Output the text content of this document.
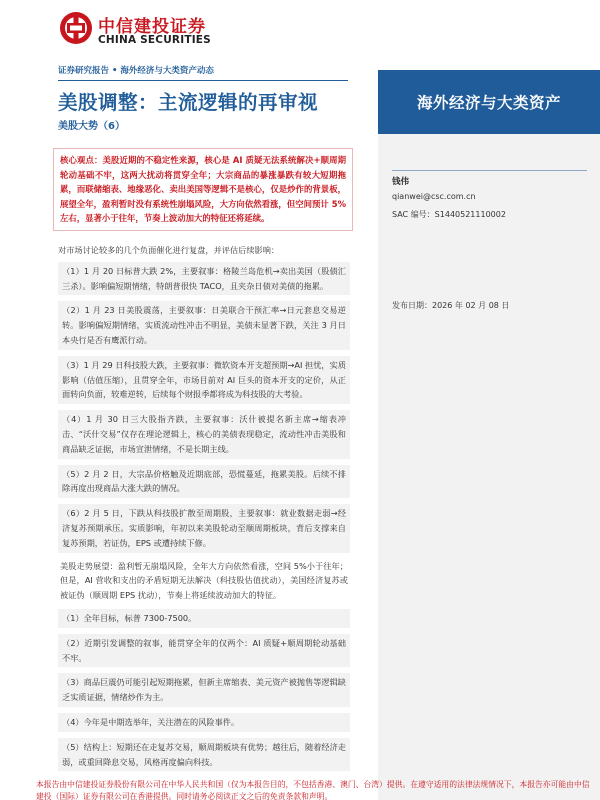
中信建投证券
CHINA SECURITIES
证券研究报告 • 海外经济与大类资产动态
美股调整：主流逻辑的再审视
美股大势（6）
海外经济与大类资产
核心观点：美股近期的不稳定性来源，核心是 AI 质疑无法系统解决+顺周期轮动基础不牢，这两大扰动将贯穿全年；大宗商品的暴涨暴跌有较大短期拖累，而联储缩表、地缘恶化、卖出美国等逻辑不是核心，仅是炒作的背景板，展望全年，盈利暂时没有系统性崩塌风险，大方向依然看涨，但空间预计 5%左右，显著小于往年，节奏上波动加大的特征还将延续。

对市场讨论较多的几个负面催化进行复盘，并评估后续影响：

（1）1 月 20 日标普大跌 2%，主要叙事：格陵兰岛危机→卖出美国（股债汇三杀）。影响偏短期情绪，特朗普很快 TACO，且夹杂日债对美债的拖累。
（2）1 月 23 日美股震荡，主要叙事：日美联合干预汇率→日元套息交易逆转。影响偏短期情绪，实质流动性冲击不明显，美债未显著下跌，关注 3 月日本央行是否有鹰派行动。
（3）1 月 29 日科技股大跌，主要叙事：微软资本开支超预期→AI 担忧，实质影响（估值压缩），且贯穿全年，市场目前对 AI 巨头的资本开支的定价，从正面转向负面，较难逆转，后续每个财报季都将成为科技股的大考验。
（4）1 月 30 日三大股指齐跌，主要叙事：沃什被提名新主席→缩表冲击、“沃什交易”仅存在理论逻辑上，核心的美债表现稳定，流动性冲击美股和商品缺乏证据，市场宣泄情绪，不是长期主线。
（5）2 月 2 日，大宗品价格触及近期底部，恐慌蔓延，拖累美股。后续不排除再度出现商品大涨大跌的情况。
（6）2 月 5 日，下跌从科技股扩散至周期股，主要叙事：就业数据走弱→经济复苏预期承压。实质影响，年初以来美股轮动至顺周期板块，背后支撑来自复苏预期，若证伪，EPS 或遭持续下修。

美股走势展望：盈利暂无崩塌风险，全年大方向依然看涨，空间 5%小于往年；但是，AI 营收和支出的矛盾短期无法解决（科技股估值扰动），美国经济复苏或被证伪（顺周期 EPS 扰动），节奏上将延续波动加大的特征。

（1）全年目标，标普 7300-7500。
（2）近期引发调整的叙事，能贯穿全年的仅两个：AI 质疑+顺周期轮动基础不牢。
（3）商品巨震仍可能引起短期拖累，但新主席缩表、美元资产被抛售等逻辑缺乏实质证据，情绪炒作为主。
（4）今年是中期选举年，关注潜在的风险事件。
（5）结构上：短期还在走复苏交易，顺周期板块有优势；越往后，随着经济走弱，或重回降息交易，风格再度偏向科技。
钱伟
qianwei@csc.com.cn
SAC 编号：S1440521110002
发布日期：2026 年 02 月 08 日
本报告由中信建投证券股份有限公司在中华人民共和国（仅为本报告目的，不包括香港、澳门、台湾）提供。在遵守适用的法律法规情况下，本报告亦可能由中信建投（国际）证券有限公司在香港提供。同时请务必阅读正文之后的免责条款和声明。
